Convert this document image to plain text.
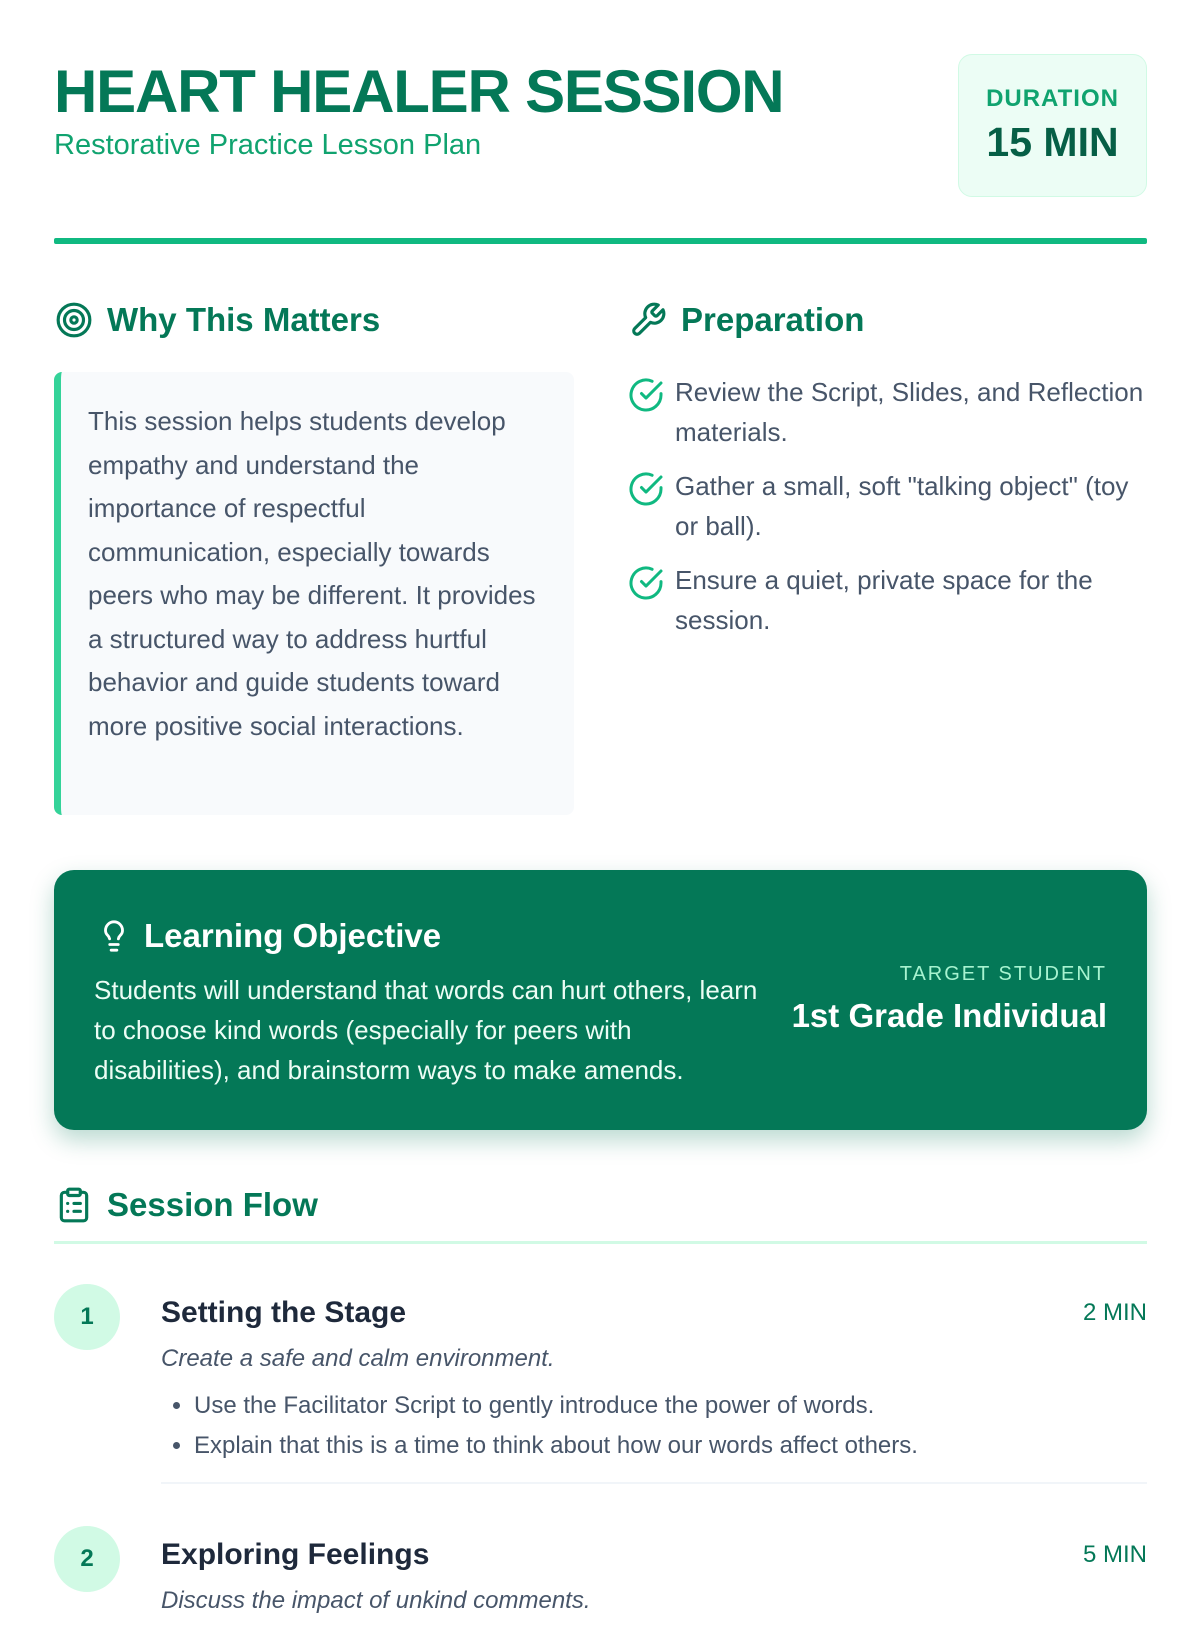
HEART HEALER SESSION
Restorative Practice Lesson Plan
DURATION
15 MIN
Why This Matters

This session helps students develop empathy and understand the importance of respectful communication, especially towards peers who may be different. It provides a structured way to address hurtful behavior and guide students toward more positive social interactions.

Preparation
Review the Script, Slides, and Reflection materials.
Gather a small, soft "talking object" (toy or ball).
Ensure a quiet, private space for the session.
Learning Objective

Students will understand that words can hurt others, learn to choose kind words (especially for peers with disabilities), and brainstorm ways to make amends.

TARGET STUDENT
1st Grade Individual
Session Flow
1	Setting the Stage	2 MIN
Create a safe and calm environment.
• Use the Facilitator Script to gently introduce the power of words.
• Explain that this is a time to think about how our words affect others.
2	Exploring Feelings	5 MIN
Discuss the impact of unkind comments.
